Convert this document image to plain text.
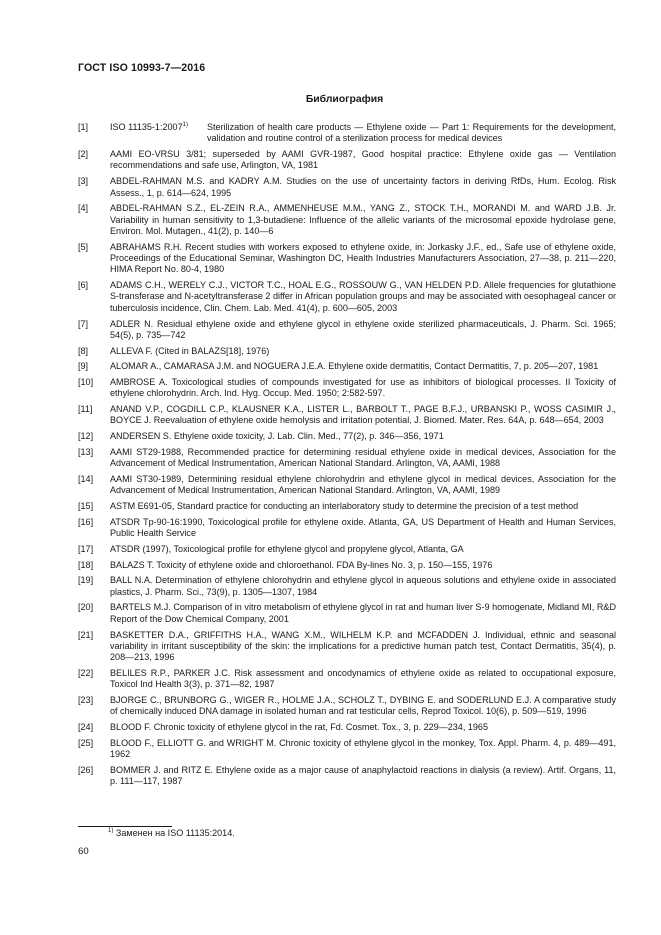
ГОСТ ISO 10993-7—2016
Библиография
[1] ISO 11135-1:2007$^{1)}$	Sterilization of health care products — Ethylene oxide — Part 1: Requirements for the development, validation and routine control of a sterilization process for medical devices
[2] AAMI EO-VRSU 3/81; superseded by AAMI GVR-1987, Good hospital practice: Ethylene oxide gas — Ventilation recommendations and safe use, Arlington, VA, 1981
[3] ABDEL-RAHMAN M.S. and KADRY A.M. Studies on the use of uncertainty factors in deriving RfDs, Hum. Ecolog. Risk Assess., 1, p. 614—624, 1995
[4] ABDEL-RAHMAN S.Z., EL-ZEIN R.A., AMMENHEUSE M.M., YANG Z., STOCK T.H., MORANDI M. and WARD J.B. Jr. Variability in human sensitivity to 1,3-butadiene: Influence of the allelic variants of the microsomal epoxide hydrolase gene, Environ. Mol. Mutagen., 41(2), p. 140—6
[5] ABRAHAMS R.H. Recent studies with workers exposed to ethylene oxide, in: Jorkasky J.F., ed., Safe use of ethylene oxide, Proceedings of the Educational Seminar, Washington DC, Health Industries Manufacturers Association, 27—38, p. 211—220, HIMA Report No. 80-4, 1980
[6] ADAMS C.H., WERELY C.J., VICTOR T.C., HOAL E.G., ROSSOUW G., VAN HELDEN P.D. Allele frequencies for glutathione S-transferase and N-acetyltransferase 2 differ in African population groups and may be associated with oesophageal cancer or tuberculosis incidence, Clin. Chem. Lab. Med. 41(4), p. 600—605, 2003
[7] ADLER N. Residual ethylene oxide and ethylene glycol in ethylene oxide sterilized pharmaceuticals, J. Pharm. Sci. 1965; 54(5), p. 735—742
[8] ALLEVA F. (Cited in BALAZS[18], 1976)
[9] ALOMAR A., CAMARASA J.M. and NOGUERA J.E.A. Ethylene oxide dermatitis, Contact Dermatitis, 7, p. 205—207, 1981
[10] AMBROSE A. Toxicological studies of compounds investigated for use as inhibitors of biological processes. II Toxicity of ethylene chlorohydrin. Arch. Ind. Hyg. Occup. Med. 1950; 2:582-597.
[11] ANAND V.P., COGDILL C.P., KLAUSNER K.A., LISTER L., BARBOLT T., PAGE B.F.J., URBANSKI P., WOSS CASIMIR J., BOYCE J. Reevaluation of ethylene oxide hemolysis and irritation potential, J. Biomed. Mater. Res. 64A, p. 648—654, 2003
[12] ANDERSEN S. Ethylene oxide toxicity, J. Lab. Clin. Med., 77(2), p. 346—356, 1971
[13] AAMI ST29-1988, Recommended practice for determining residual ethylene oxide in medical devices, Association for the Advancement of Medical Instrumentation, American National Standard. Arlington, VA, AAMI, 1988
[14] AAMI ST30-1989, Determining residual ethylene chlorohydrin and ethylene glycol in medical devices, Association for the Advancement of Medical Instrumentation, American National Standard. Arlington, VA, AAMI, 1989
[15] ASTM E691-05, Standard practice for conducting an interlaboratory study to determine the precision of a test method
[16] ATSDR Tp-90-16:1990, Toxicological profile for ethylene oxide. Atlanta, GA, US Department of Health and Human Services, Public Health Service
[17] ATSDR (1997), Toxicological profile for ethylene glycol and propylene glycol, Atlanta, GA
[18] BALAZS T. Toxicity of ethylene oxide and chloroethanol. FDA By-lines No. 3, p. 150—155, 1976
[19] BALL N.A. Determination of ethylene chlorohydrin and ethylene glycol in aqueous solutions and ethylene oxide in associated plastics, J. Pharm. Sci., 73(9), p. 1305—1307, 1984
[20] BARTELS M.J. Comparison of in vitro metabolism of ethylene glycol in rat and human liver S-9 homogenate, Midland MI, R&D Report of the Dow Chemical Company, 2001
[21] BASKETTER D.A., GRIFFITHS H.A., WANG X.M., WILHELM K.P. and MCFADDEN J. Individual, ethnic and seasonal variability in irritant susceptibility of the skin: the implications for a predictive human patch test, Contact Dermatitis, 35(4), p. 208—213, 1996
[22] BELILES R.P., PARKER J.C. Risk assessment and oncodynamics of ethylene oxide as related to occupational exposure, Toxicol Ind Health 3(3), p. 371—82, 1987
[23] BJORGE C., BRUNBORG G., WIGER R., HOLME J.A., SCHOLZ T., DYBING E. and SODERLUND E.J. A comparative study of chemically induced DNA damage in isolated human and rat testicular cells, Reprod Toxicol. 10(6), p. 509—519, 1996
[24] BLOOD F. Chronic toxicity of ethylene glycol in the rat, Fd. Cosmet. Tox., 3, p. 229—234, 1965
[25] BLOOD F., ELLIOTT G. and WRIGHT M. Chronic toxicity of ethylene glycol in the monkey, Tox. Appl. Pharm. 4, p. 489—491, 1962
[26] BOMMER J. and RITZ E. Ethylene oxide as a major cause of anaphylactoid reactions in dialysis (a review). Artif. Organs, 11, p. 111—117, 1987
$^{1)}$ Заменен на ISO 11135:2014.
60
